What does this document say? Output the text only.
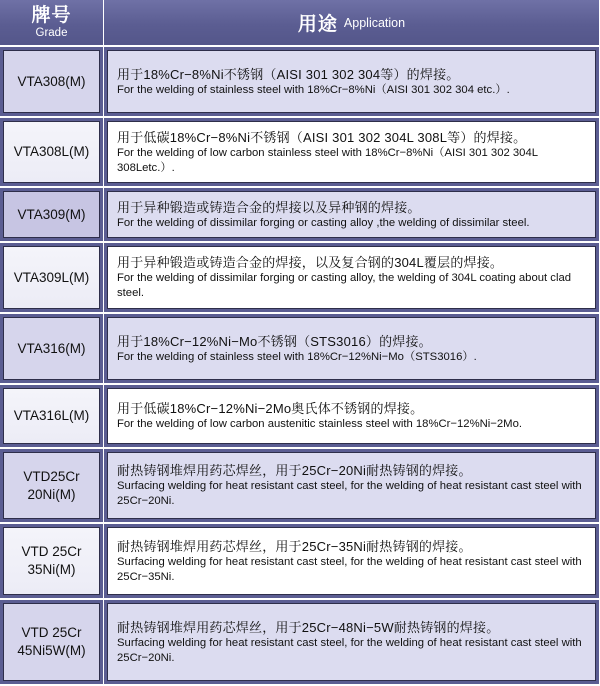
牌号
Grade	用途 Application
VTA308(M) 用于18%Cr−8%Ni不锈钢（AISI 301 302 304等）的焊接。
For the welding of stainless steel with 18%Cr−8%Ni（AISI 301 302 304 etc.）.
VTA308L(M)
用于低碳18%Cr−8%Ni不锈钢（AISI 301 302 304L 308L等）的焊接。
For the welding of low carbon stainless steel with 18%Cr−8%Ni（AISI 301 302 304L 308Letc.）.
VTA309(M) 用于异种锻造或铸造合金的焊接以及异种钢的焊接。
For the welding of dissimilar forging or casting alloy ,the welding of dissimilar steel.
VTA309L(M)
用于异种锻造或铸造合金的焊接，以及复合钢的304L覆层的焊接。
For the welding of dissimilar forging or casting alloy, the welding of 304L coating about clad steel.
VTA316(M) 用于18%Cr−12%Ni−Mo不锈钢（STS3016）的焊接。
For the welding of stainless steel with 18%Cr−12%Ni−Mo（STS3016）.
VTA316L(M) 用于低碳18%Cr−12%Ni−2Mo奥氏体不锈钢的焊接。
For the welding of low carbon austenitic stainless steel with 18%Cr−12%Ni−2Mo.
VTD25Cr
20Ni(M)
耐热铸钢堆焊用药芯焊丝，用于25Cr−20Ni耐热铸钢的焊接。
Surfacing welding for heat resistant cast steel, for the welding of heat resistant cast steel with 25Cr−20Ni.
VTD 25Cr
35Ni(M)
耐热铸钢堆焊用药芯焊丝，用于25Cr−35Ni耐热铸钢的焊接。
Surfacing welding for heat resistant cast steel, for the welding of heat resistant cast steel with 25Cr−35Ni.
VTD 25Cr
45Ni5W(M)
耐热铸钢堆焊用药芯焊丝，用于25Cr−48Ni−5W耐热铸钢的焊接。
Surfacing welding for heat resistant cast steel, for the welding of heat resistant cast steel with 25Cr−20Ni.
